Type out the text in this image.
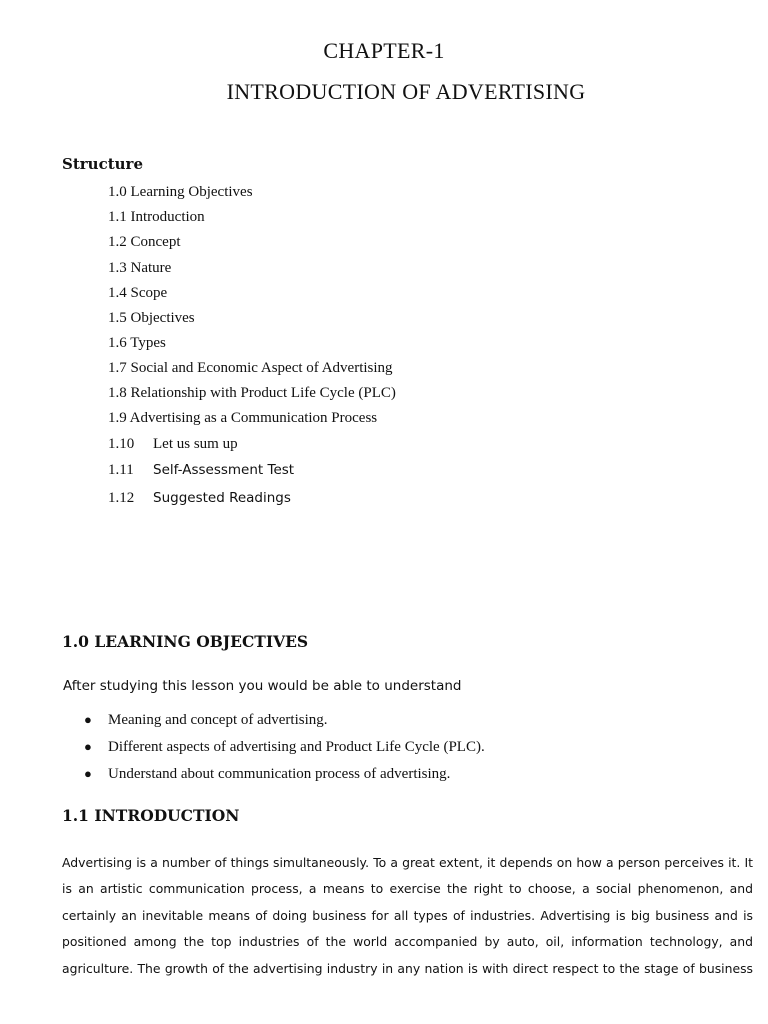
CHAPTER-1
INTRODUCTION OF ADVERTISING
Structure
1.0 Learning Objectives
1.1 Introduction
1.2 Concept
1.3 Nature
1.4 Scope
1.5 Objectives
1.6 Types
1.7 Social and Economic Aspect of Advertising
1.8 Relationship with Product Life Cycle (PLC)
1.9 Advertising as a Communication Process
1.10 Let us sum up
1.11 Self-Assessment Test
1.12 Suggested Readings
1.0 LEARNING OBJECTIVES
After studying this lesson you would be able to understand
● Meaning and concept of advertising.
● Different aspects of advertising and Product Life Cycle (PLC).
● Understand about communication process of advertising.
1.1 INTRODUCTION
Advertising is a number of things simultaneously. To a great extent, it depends on how a person perceives it. It
is an artistic communication process, a means to exercise the right to choose, a social phenomenon, and
certainly an inevitable means of doing business for all types of industries. Advertising is big business and is
positioned among the top industries of the world accompanied by auto, oil, information technology, and
agriculture. The growth of the advertising industry in any nation is with direct respect to the stage of business
